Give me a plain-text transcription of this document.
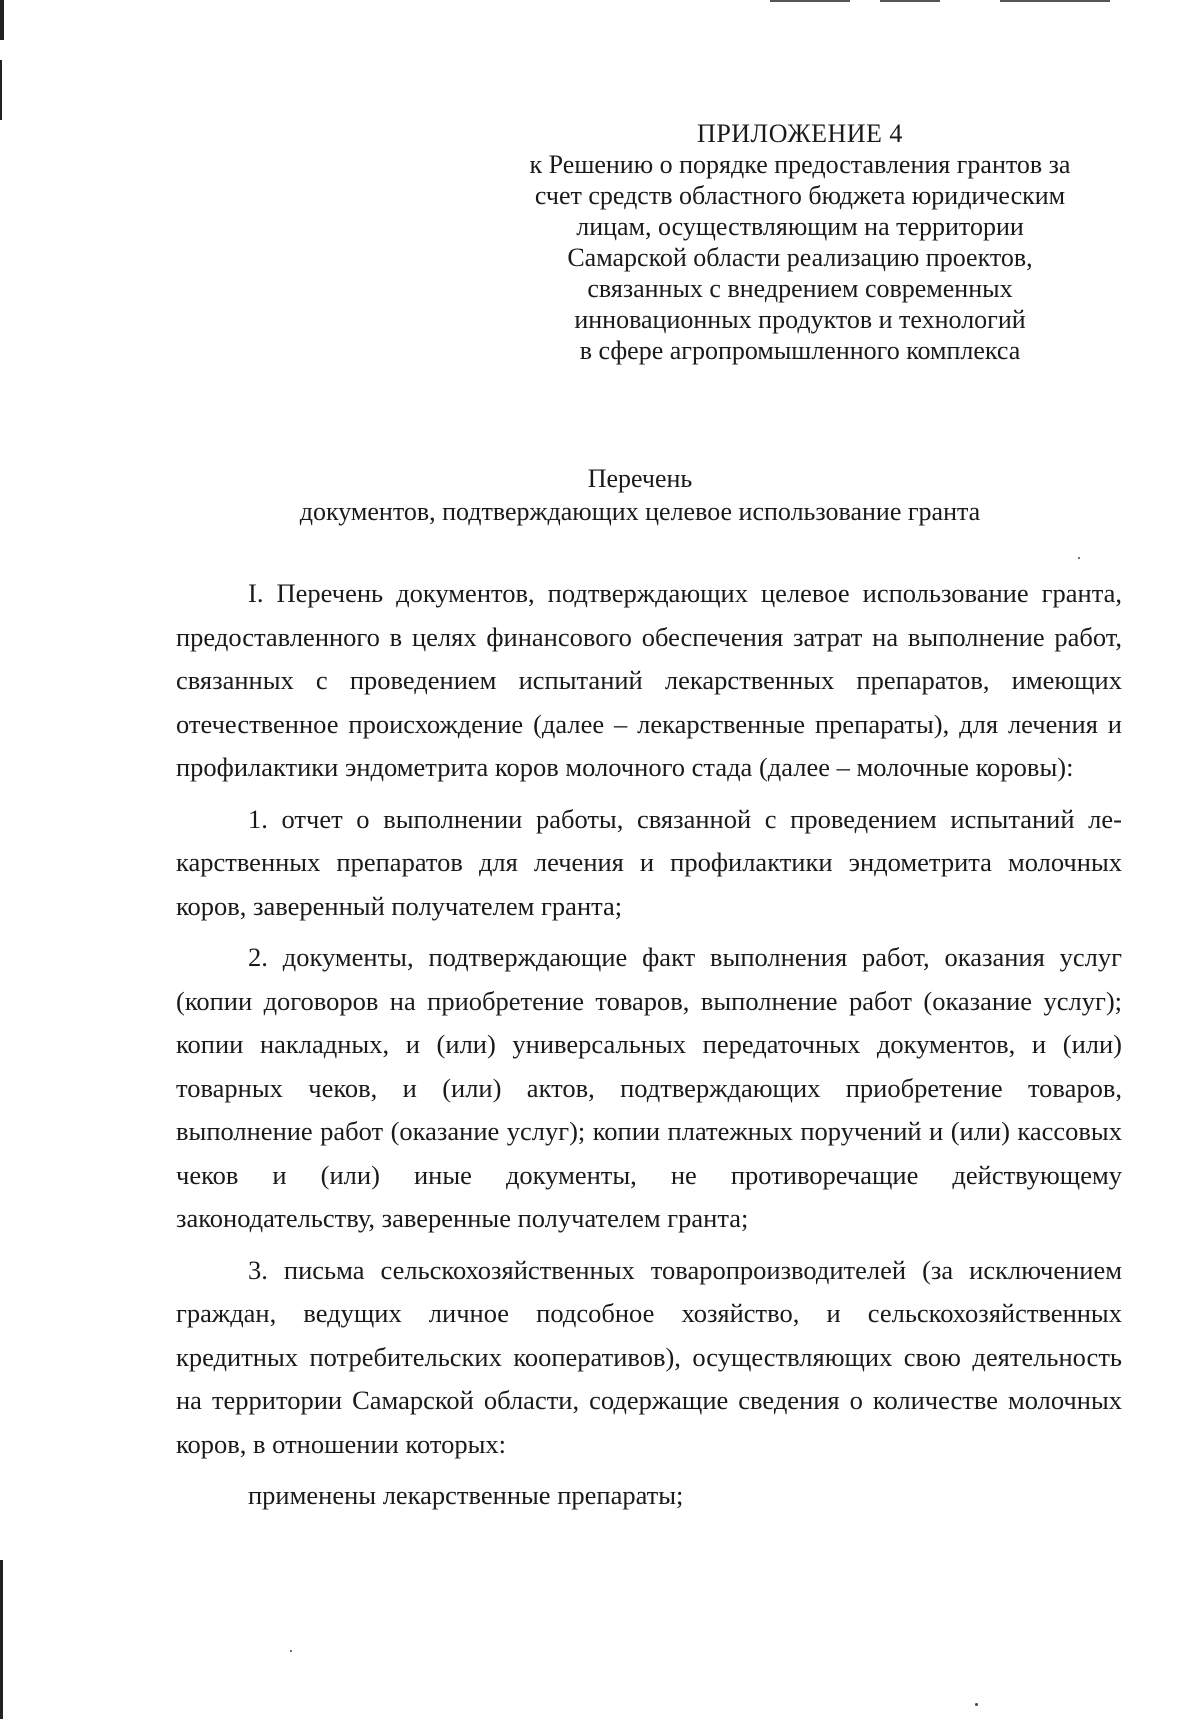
ПРИЛОЖЕНИЕ 4
к Решению о порядке предоставления грантов за
счет средств областного бюджета юридическим
лицам, осуществляющим на территории
Самарской области реализацию проектов,
связанных с внедрением современных
инновационных продуктов и технологий
в сфере агропромышленного комплекса
Перечень
документов, подтверждающих целевое использование гранта

I. Перечень документов, подтверждающих целевое использование гранта, предоставленного в целях финансового обеспечения затрат на выполнение работ, связанных с проведением испытаний лекарственных препаратов, имеющих отечественное происхождение (далее – лекарственные препараты), для лечения и профилактики эндометрита коров молочного стада (далее – молочные коровы):

1. отчет о выполнении работы, связанной с проведением испытаний лекарственных препаратов для лечения и профилактики эндометрита молочных коров, заверенный получателем гранта;

2. документы, подтверждающие факт выполнения работ, оказания услуг (копии договоров на приобретение товаров, выполнение работ (оказание услуг); копии накладных, и (или) универсальных передаточных документов, и (или) товарных чеков, и (или) актов, подтверждающих приобретение товаров, выполнение работ (оказание услуг); копии платежных поручений и (или) кассовых чеков и (или) иные документы, не противоречащие действующему законодательству, заверенные получателем гранта;

3. письма сельскохозяйственных товаропроизводителей (за исключением граждан, ведущих личное подсобное хозяйство, и сельскохозяйственных кредитных потребительских кооперативов), осуществляющих свою деятельность на территории Самарской области, содержащие сведения о количестве молочных коров, в отношении которых:

применены лекарственные препараты;
